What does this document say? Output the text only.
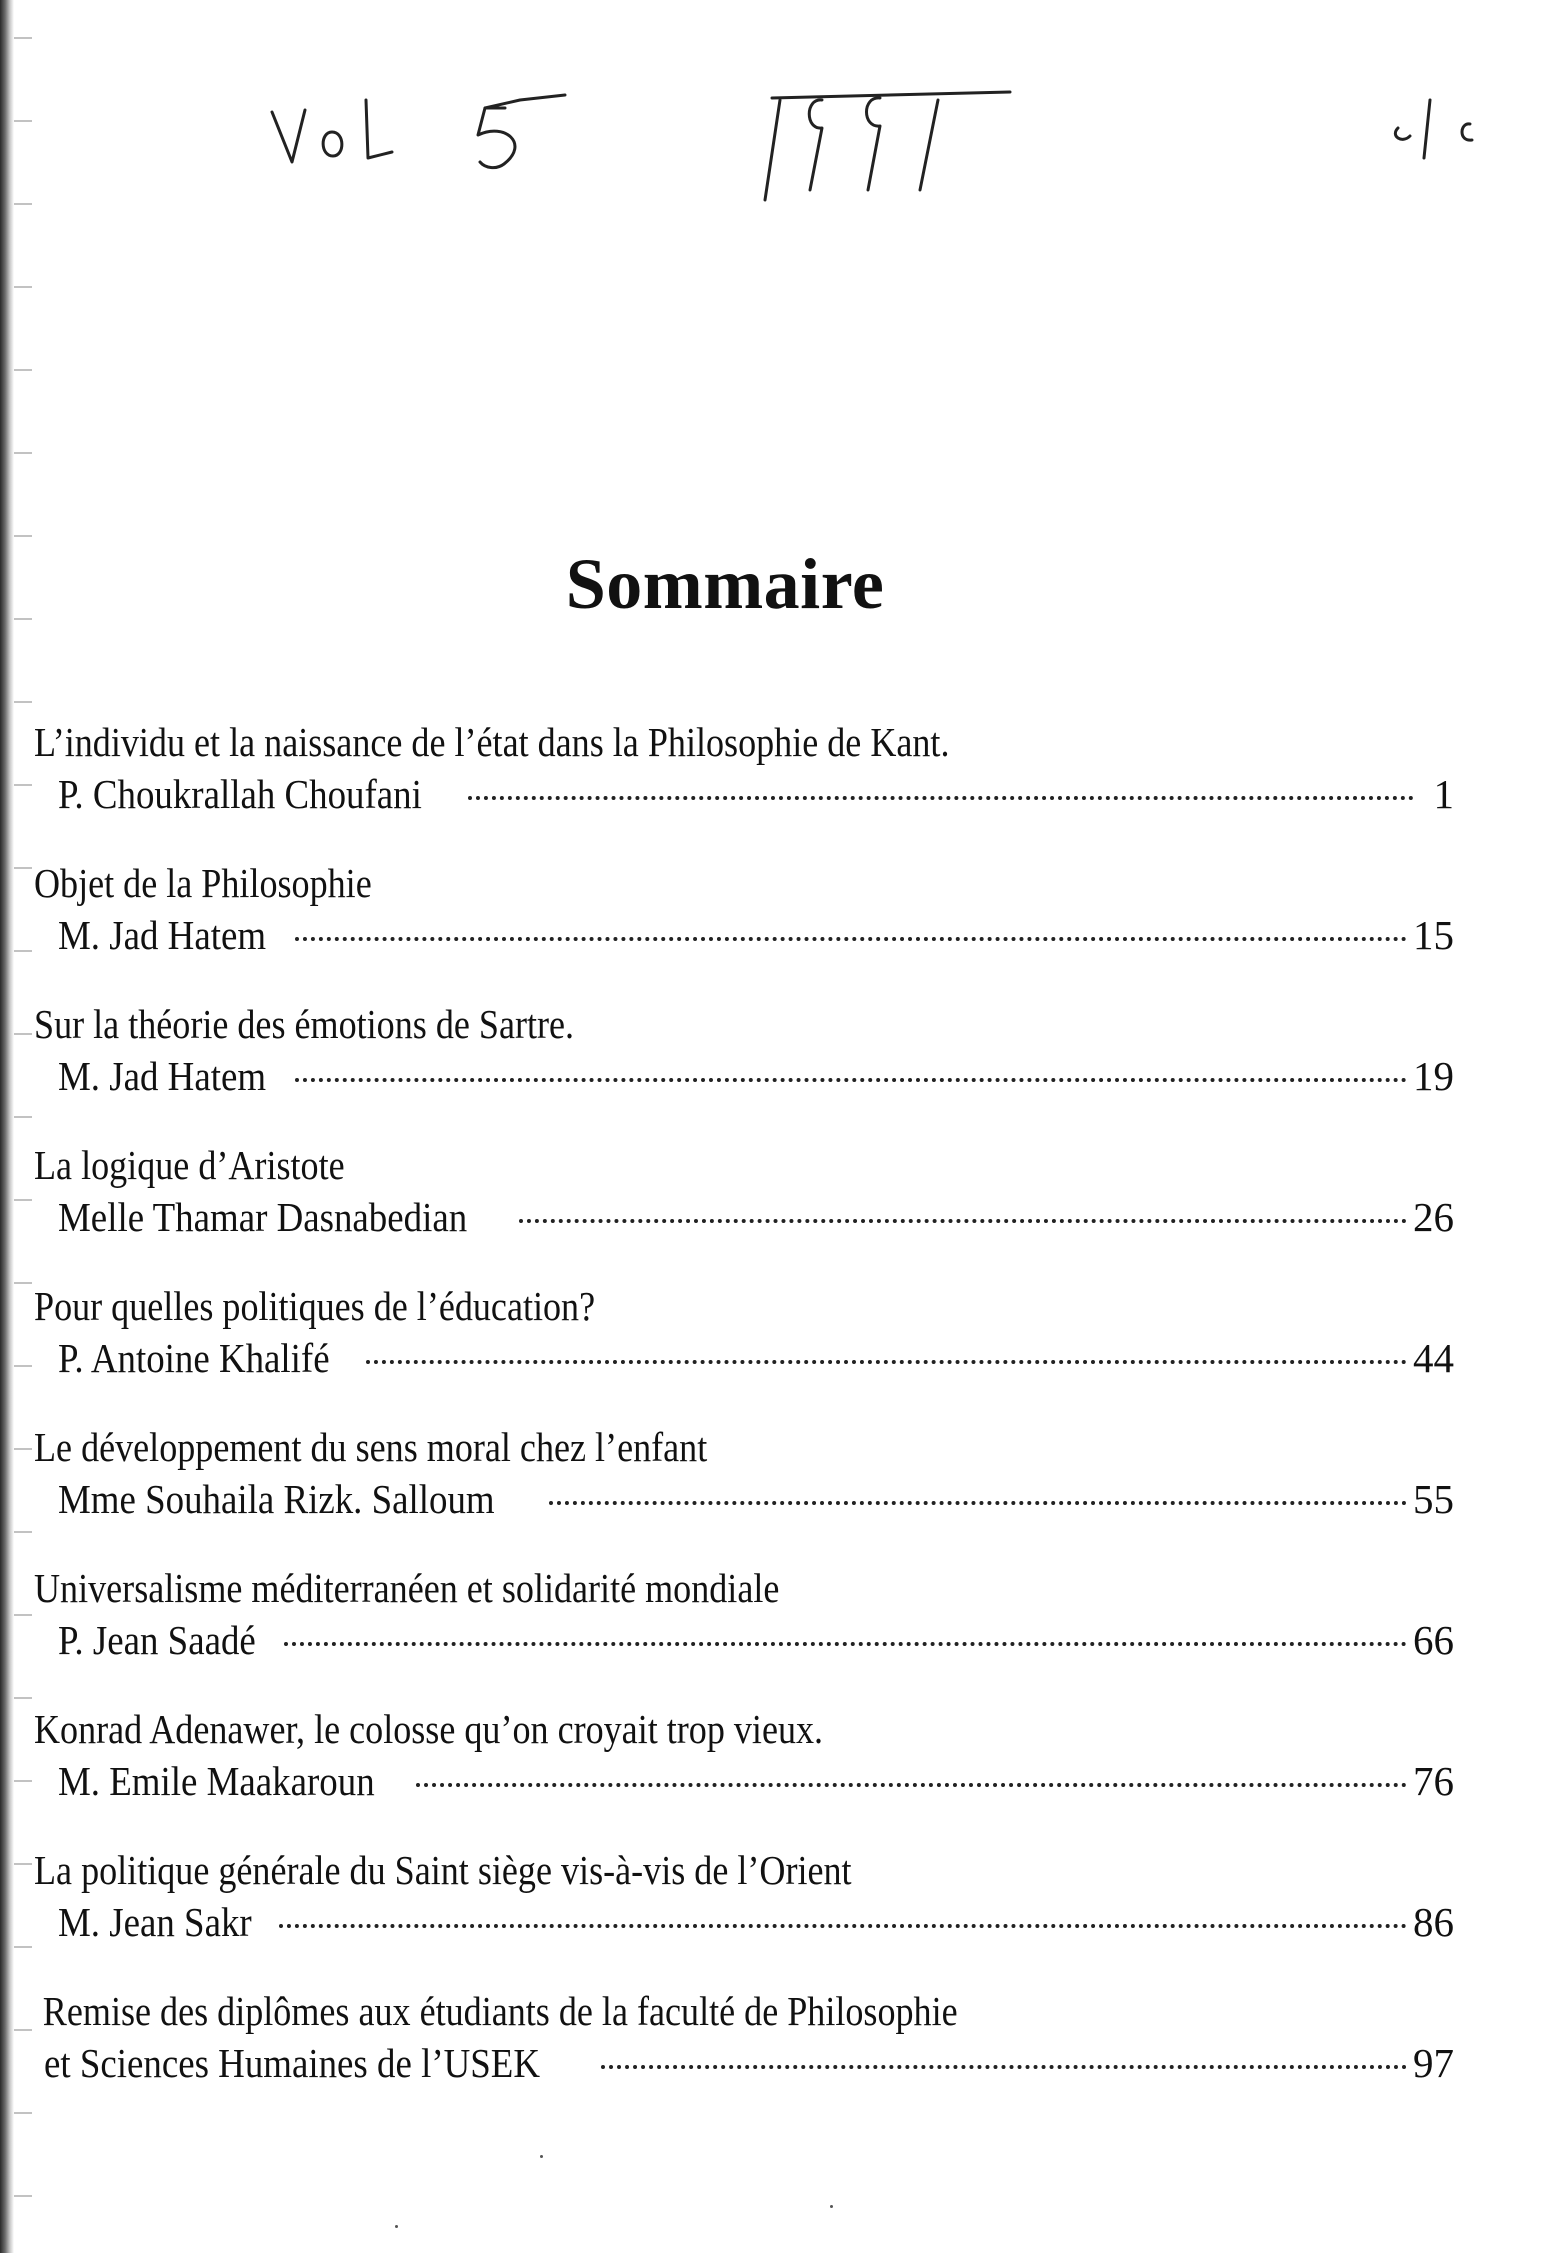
Sommaire
L’individu et la naissance de l’état dans la Philosophie de Kant.
P. Choukrallah Choufani	1
Objet de la Philosophie
M. Jad Hatem	15
Sur la théorie des émotions de Sartre.
M. Jad Hatem	19
La logique d’Aristote
Melle Thamar Dasnabedian	26
Pour quelles politiques de l’éducation?
P. Antoine Khalifé	44
Le développement du sens moral chez l’enfant
Mme Souhaila Rizk. Salloum	55
Universalisme méditerranéen et solidarité mondiale
P. Jean Saadé	66
Konrad Adenawer, le colosse qu’on croyait trop vieux.
M. Emile Maakaroun	76
La politique générale du Saint siège vis-à-vis de l’Orient
M. Jean Sakr	86
Remise des diplômes aux étudiants de la faculté de Philosophie
et Sciences Humaines de l’USEK	97
